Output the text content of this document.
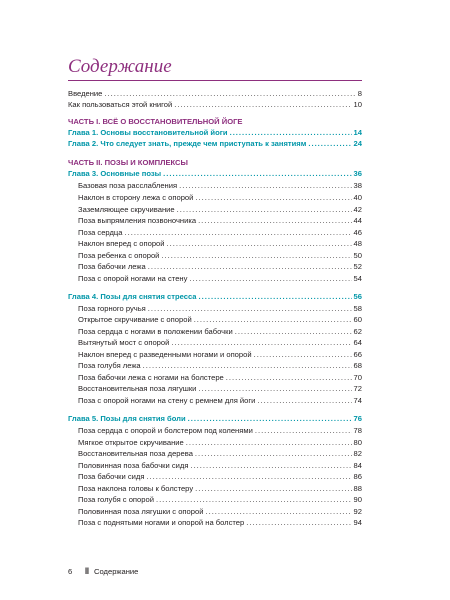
Содержание
Введение .....	8
Как пользоваться этой книгой .....	10
ЧАСТЬ I. ВСЁ О ВОССТАНОВИТЕЛЬНОЙ ЙОГЕ
Глава 1. Основы восстановительной йоги .....	14
Глава 2. Что следует знать, прежде чем приступать к занятиям .....	24
ЧАСТЬ II. ПОЗЫ И КОМПЛЕКСЫ
Глава 3. Основные позы .....	36
Базовая поза расслабления .....	38
Наклон в сторону лежа с опорой .....	40
Заземляющее скручивание .....	42
Поза выпрямления позвоночника .....	44
Поза сердца .....	46
Наклон вперед с опорой .....	48
Поза ребенка с опорой .....	50
Поза бабочки лежа .....	52
Поза с опорой ногами на стену .....	54
Глава 4. Позы для снятия стресса .....	56
Поза горного ручья .....	58
Открытое скручивание с опорой .....	60
Поза сердца с ногами в положении бабочки .....	62
Вытянутый мост с опорой .....	64
Наклон вперед с разведенными ногами и опорой .....	66
Поза голубя лежа .....	68
Поза бабочки лежа с ногами на болстере .....	70
Восстановительная поза лягушки .....	72
Поза с опорой ногами на стену с ремнем для йоги .....	74
Глава 5. Позы для снятия боли .....	76
Поза сердца с опорой и болстером под коленями .....	78
Мягкое открытое скручивание .....	80
Восстановительная поза дерева .....	82
Половинная поза бабочки сидя .....	84
Поза бабочки сидя .....	86
Поза наклона головы к болстеру .....	88
Поза голубя с опорой .....	90
Половинная поза лягушки с опорой .....	92
Поза с поднятыми ногами и опорой на болстер .....	94
6	‖ Содержание
